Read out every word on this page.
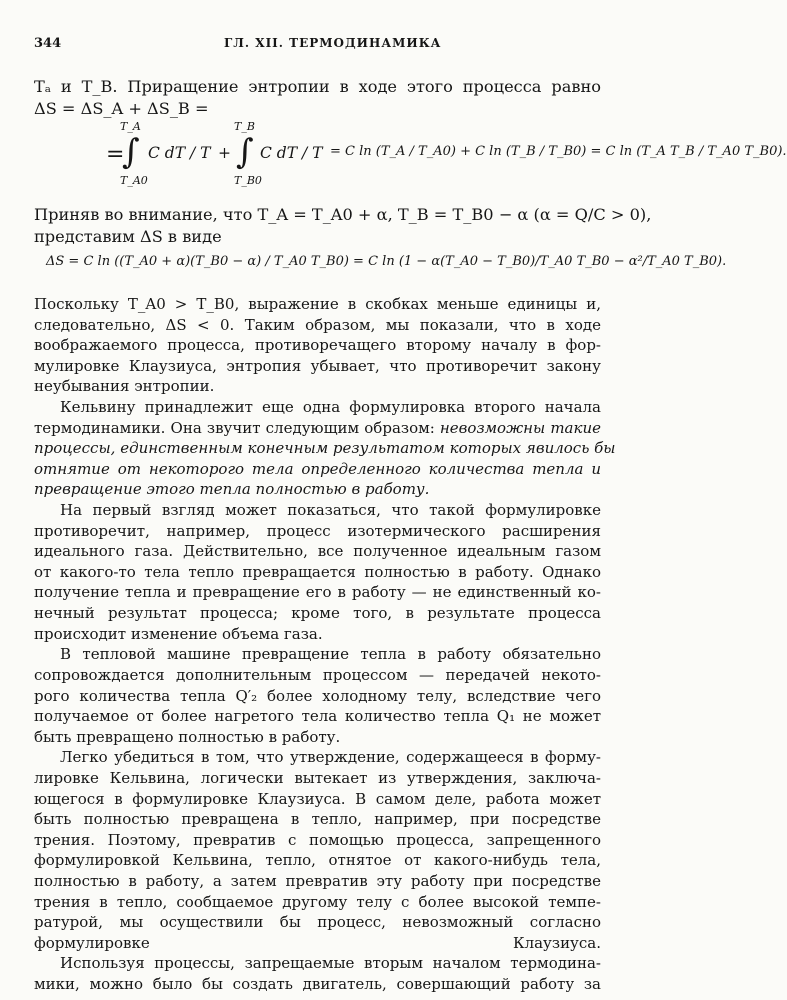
344	ГЛ. XII. ТЕРМОДИНАМИКА
Tₐ и T_B. Приращение энтропии в ходе этого процесса равно
ΔS = ΔS_A + ΔS_B =
T_A
=
∫
T_A0
C dT / T +
T_B
∫
T_B0
C dT / T = C ln (T_A / T_A0) + C ln (T_B / T_B0) = C ln (T_A T_B / T_A0 T_B0).
Приняв во внимание, что T_A = T_A0 + α, T_B = T_B0 − α (α = Q/C > 0),
представим ΔS в виде
ΔS = C ln ((T_A0 + α)(T_B0 − α) / T_A0 T_B0) = C ln (1 − α(T_A0 − T_B0)/T_A0 T_B0 − α²/T_A0 T_B0).
Поскольку T_A0 > T_B0, выражение в скобках меньше единицы и,
следовательно, ΔS < 0. Таким образом, мы показали, что в ходе
воображаемого процесса, противоречащего второму началу в фор-
мулировке Клаузиуса, энтропия убывает, что противоречит закону
неубывания энтропии.
Кельвину принадлежит еще одна формулировка второго начала
термодинамики. Она звучит следующим образом: невозможны такие
процессы, единственным конечным результатом которых явилось бы
отнятие от некоторого тела определенного количества тепла и
превращение этого тепла полностью в работу.
На первый взгляд может показаться, что такой формулировке
противоречит, например, процесс изотермического расширения
идеального газа. Действительно, все полученное идеальным газом
от какого-то тела тепло превращается полностью в работу. Однако
получение тепла и превращение его в работу — не единственный ко-
нечный результат процесса; кроме того, в результате процесса
происходит изменение объема газа.
В тепловой машине превращение тепла в работу обязательно
сопровождается дополнительным процессом — передачей некото-
рого количества тепла Q′₂ более холодному телу, вследствие чего
получаемое от более нагретого тела количество тепла Q₁ не может
быть превращено полностью в работу.
Легко убедиться в том, что утверждение, содержащееся в форму-
лировке Кельвина, логически вытекает из утверждения, заключа-
ющегося в формулировке Клаузиуса. В самом деле, работа может
быть полностью превращена в тепло, например, при посредстве
трения. Поэтому, превратив с помощью процесса, запрещенного
формулировкой Кельвина, тепло, отнятое от какого-нибудь тела,
полностью в работу, а затем превратив эту работу при посредстве
трения в тепло, сообщаемое другому телу с более высокой темпе-
ратурой, мы осуществили бы процесс, невозможный согласно
формулировке Клаузиуса.
Используя процессы, запрещаемые вторым началом термодина-
мики, можно было бы создать двигатель, совершающий работу за
